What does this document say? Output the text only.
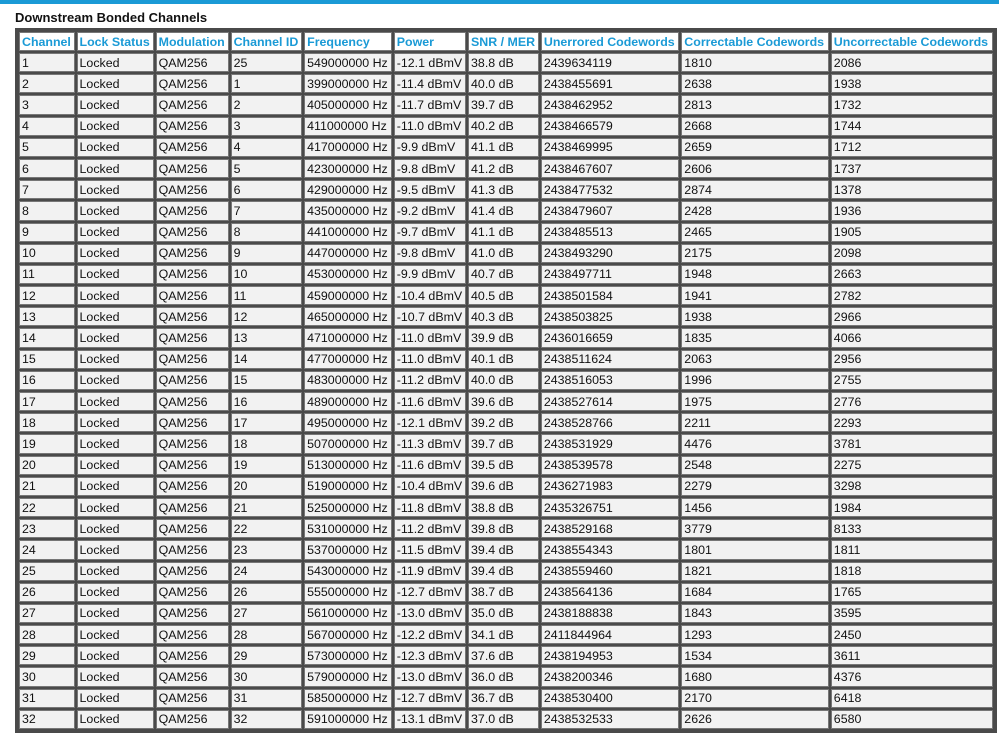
Downstream Bonded Channels
Channel	Lock Status	Modulation	Channel ID	Frequency	Power	SNR / MER	Unerrored Codewords	Correctable Codewords	Uncorrectable Codewords
1	Locked	QAM256	25	549000000 Hz	-12.1 dBmV	38.8 dB	2439634119	1810	2086
2	Locked	QAM256	1	399000000 Hz	-11.4 dBmV	40.0 dB	2438455691	2638	1938
3	Locked	QAM256	2	405000000 Hz	-11.7 dBmV	39.7 dB	2438462952	2813	1732
4	Locked	QAM256	3	411000000 Hz	-11.0 dBmV	40.2 dB	2438466579	2668	1744
5	Locked	QAM256	4	417000000 Hz	-9.9 dBmV	41.1 dB	2438469995	2659	1712
6	Locked	QAM256	5	423000000 Hz	-9.8 dBmV	41.2 dB	2438467607	2606	1737
7	Locked	QAM256	6	429000000 Hz	-9.5 dBmV	41.3 dB	2438477532	2874	1378
8	Locked	QAM256	7	435000000 Hz	-9.2 dBmV	41.4 dB	2438479607	2428	1936
9	Locked	QAM256	8	441000000 Hz	-9.7 dBmV	41.1 dB	2438485513	2465	1905
10	Locked	QAM256	9	447000000 Hz	-9.8 dBmV	41.0 dB	2438493290	2175	2098
11	Locked	QAM256	10	453000000 Hz	-9.9 dBmV	40.7 dB	2438497711	1948	2663
12	Locked	QAM256	11	459000000 Hz	-10.4 dBmV	40.5 dB	2438501584	1941	2782
13	Locked	QAM256	12	465000000 Hz	-10.7 dBmV	40.3 dB	2438503825	1938	2966
14	Locked	QAM256	13	471000000 Hz	-11.0 dBmV	39.9 dB	2436016659	1835	4066
15	Locked	QAM256	14	477000000 Hz	-11.0 dBmV	40.1 dB	2438511624	2063	2956
16	Locked	QAM256	15	483000000 Hz	-11.2 dBmV	40.0 dB	2438516053	1996	2755
17	Locked	QAM256	16	489000000 Hz	-11.6 dBmV	39.6 dB	2438527614	1975	2776
18	Locked	QAM256	17	495000000 Hz	-12.1 dBmV	39.2 dB	2438528766	2211	2293
19	Locked	QAM256	18	507000000 Hz	-11.3 dBmV	39.7 dB	2438531929	4476	3781
20	Locked	QAM256	19	513000000 Hz	-11.6 dBmV	39.5 dB	2438539578	2548	2275
21	Locked	QAM256	20	519000000 Hz	-10.4 dBmV	39.6 dB	2436271983	2279	3298
22	Locked	QAM256	21	525000000 Hz	-11.8 dBmV	38.8 dB	2435326751	1456	1984
23	Locked	QAM256	22	531000000 Hz	-11.2 dBmV	39.8 dB	2438529168	3779	8133
24	Locked	QAM256	23	537000000 Hz	-11.5 dBmV	39.4 dB	2438554343	1801	1811
25	Locked	QAM256	24	543000000 Hz	-11.9 dBmV	39.4 dB	2438559460	1821	1818
26	Locked	QAM256	26	555000000 Hz	-12.7 dBmV	38.7 dB	2438564136	1684	1765
27	Locked	QAM256	27	561000000 Hz	-13.0 dBmV	35.0 dB	2438188838	1843	3595
28	Locked	QAM256	28	567000000 Hz	-12.2 dBmV	34.1 dB	2411844964	1293	2450
29	Locked	QAM256	29	573000000 Hz	-12.3 dBmV	37.6 dB	2438194953	1534	3611
30	Locked	QAM256	30	579000000 Hz	-13.0 dBmV	36.0 dB	2438200346	1680	4376
31	Locked	QAM256	31	585000000 Hz	-12.7 dBmV	36.7 dB	2438530400	2170	6418
32	Locked	QAM256	32	591000000 Hz	-13.1 dBmV	37.0 dB	2438532533	2626	6580
